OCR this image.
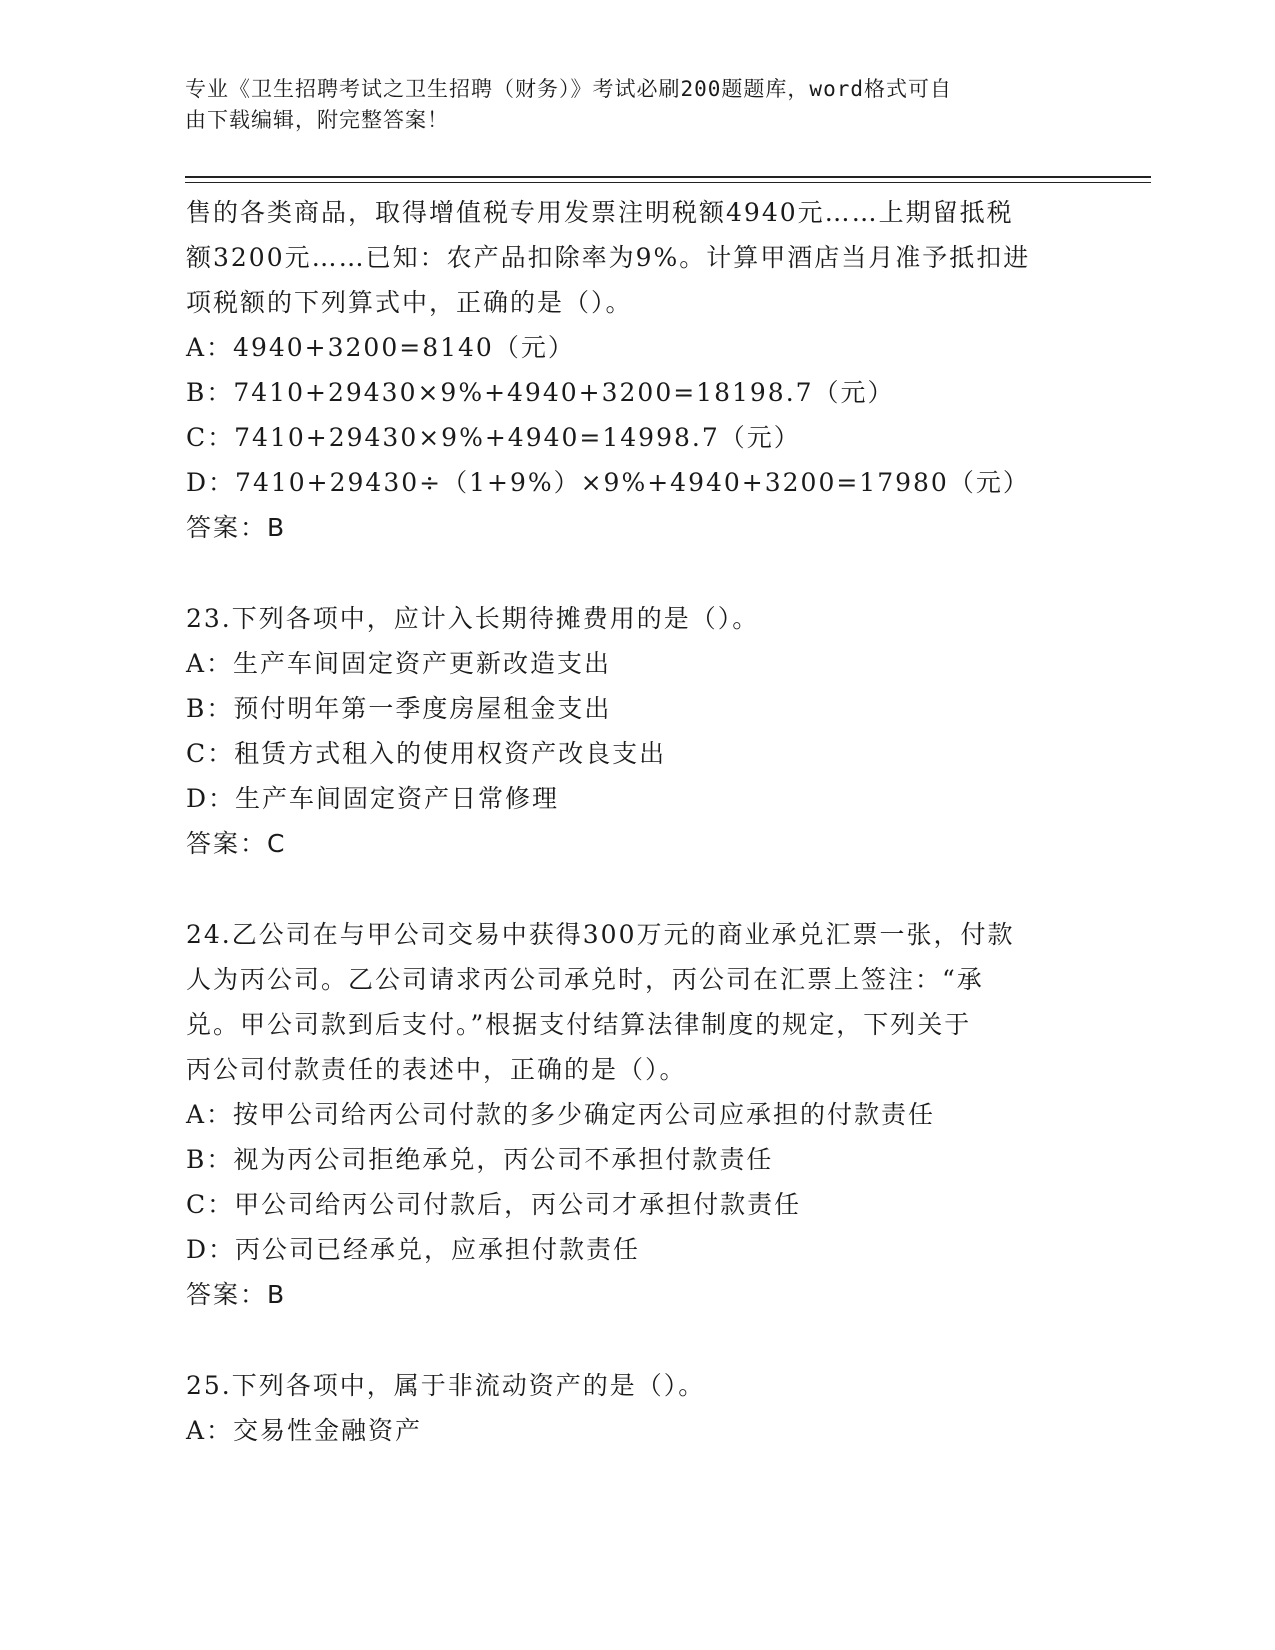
专业《卫生招聘考试之卫生招聘（财务）》考试必刷200题题库，word格式可自
由下载编辑，附完整答案！
售的各类商品，取得增值税专用发票注明税额4940元……上期留抵税
额3200元……已知：农产品扣除率为9%。计算甲酒店当月准予抵扣进
项税额的下列算式中，正确的是（）。
A：4940+3200=8140（元）
B：7410+29430×9%+4940+3200=18198.7（元）
C：7410+29430×9%+4940=14998.7（元）
D：7410+29430÷（1+9%）×9%+4940+3200=17980（元）
答案：B
23.下列各项中，应计入长期待摊费用的是（）。
A：生产车间固定资产更新改造支出
B：预付明年第一季度房屋租金支出
C：租赁方式租入的使用权资产改良支出
D：生产车间固定资产日常修理
答案：C
24.乙公司在与甲公司交易中获得300万元的商业承兑汇票一张，付款
人为丙公司。乙公司请求丙公司承兑时，丙公司在汇票上签注：“承
兑。甲公司款到后支付。”根据支付结算法律制度的规定，下列关于
丙公司付款责任的表述中，正确的是（）。
A：按甲公司给丙公司付款的多少确定丙公司应承担的付款责任
B：视为丙公司拒绝承兑，丙公司不承担付款责任
C：甲公司给丙公司付款后，丙公司才承担付款责任
D：丙公司已经承兑，应承担付款责任
答案：B
25.下列各项中，属于非流动资产的是（）。
A：交易性金融资产
